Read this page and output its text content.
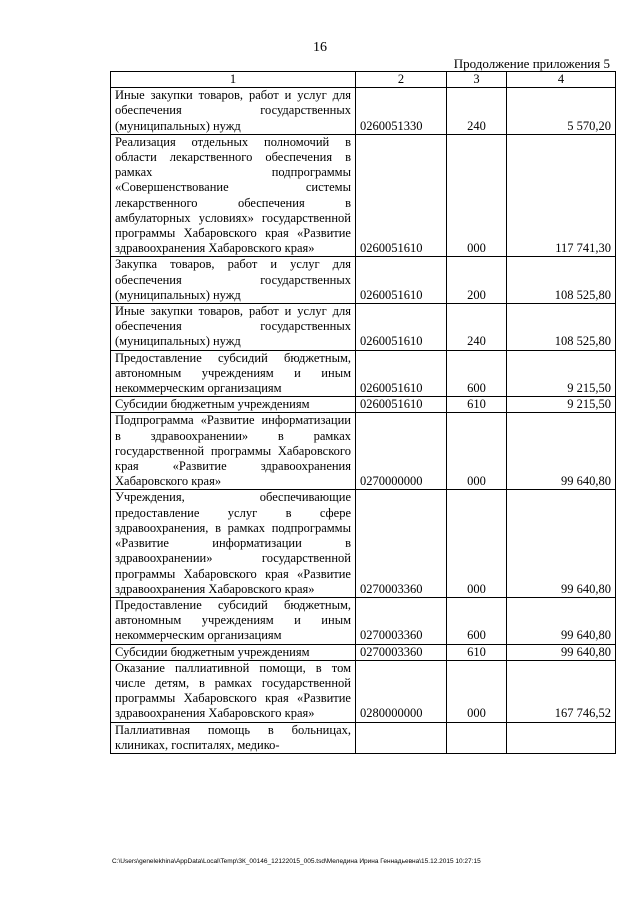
16
Продолжение приложения 5
1	2	3	4
Иные закупки товаров, работ и услуг для обеспечения государственных (муниципальных) нужд	0260051330	240	5 570,20
Реализация отдельных полномочий в области лекарственного обеспечения в рамках подпрограммы «Совершенствование системы лекарственного обеспечения в амбулаторных условиях» государственной программы Хабаровского края «Развитие здравоохранения Хабаровского края»	0260051610	000	117 741,30
Закупка товаров, работ и услуг для обеспечения государственных (муниципальных) нужд	0260051610	200	108 525,80
Иные закупки товаров, работ и услуг для обеспечения государственных (муниципальных) нужд	0260051610	240	108 525,80
Предоставление субсидий бюджетным, автономным учреждениям и иным некоммерческим организациям	0260051610	600	9 215,50
Субсидии бюджетным учреждениям	0260051610	610	9 215,50
Подпрограмма «Развитие информатизации в здравоохранении» в рамках государственной программы Хабаровского края «Развитие здравоохранения Хабаровского края»	0270000000	000	99 640,80
Учреждения, обеспечивающие предоставление услуг в сфере здравоохранения, в рамках подпрограммы «Развитие информатизации в здравоохранении» государственной программы Хабаровского края «Развитие здравоохранения Хабаровского края»	0270003360	000	99 640,80
Предоставление субсидий бюджетным, автономным учреждениям и иным некоммерческим организациям	0270003360	600	99 640,80
Субсидии бюджетным учреждениям	0270003360	610	99 640,80
Оказание паллиативной помощи, в том числе детям, в рамках государственной программы Хабаровского края «Развитие здравоохранения Хабаровского края»	0280000000	000	167 746,52
Паллиативная помощь в больницах, клиниках, госпиталях, медико-			
C:\Users\genelekhina\AppData\Local\Temp\ЗК_00146_12122015_005.tsd\Меледина Ирина Геннадьевна\15.12.2015 10:27:15
